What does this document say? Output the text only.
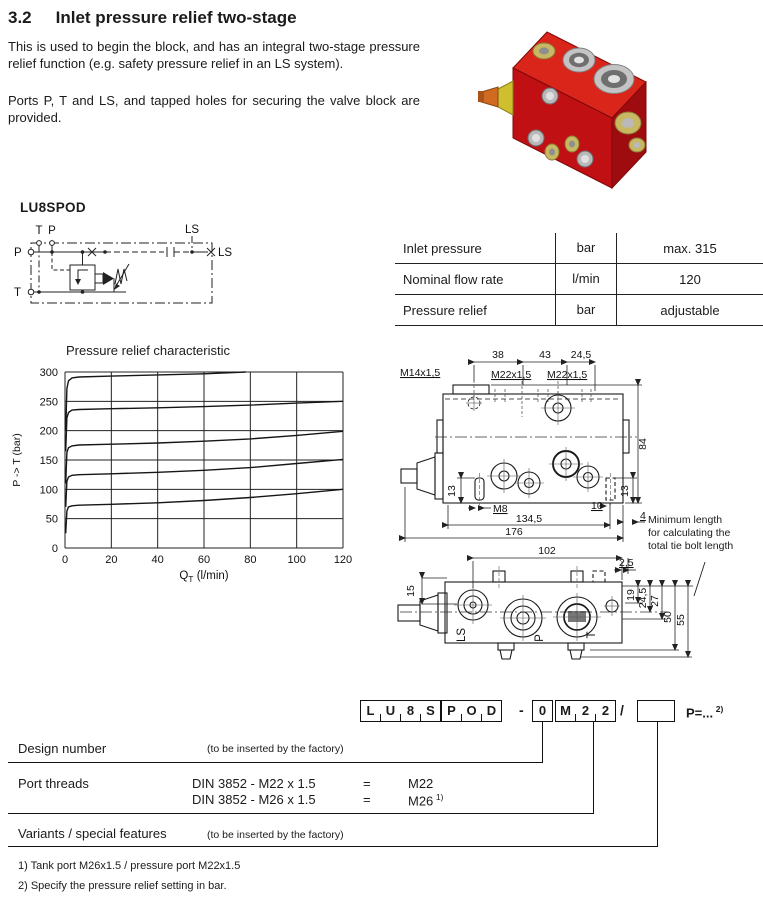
3.2 Inlet pressure relief two-stage
This is used to begin the block, and has an integral two-stage pressure relief function (e.g. safety pressure relief in an LS system).
Ports P, T and LS, and tapped holes for securing the valve block are provided.
LU8SPOD
P
T
T P	LS
LS	Inlet pressure	bar	max. 315
Nominal flow rate	l/min	120
Pressure relief	bar	adjustable
Pressure relief characteristic
0	20	40	60	80	100	120
0
50
100
150
200
250
300
P -> T (bar)
$Q_T$ (l/min)
38	43 24,5
M14x1,5	M22x1,5 M22x1,5
84
13	13
M8	10
134,5
176
4 Minimum length
for calculating the
total tie bolt length
102
2,5
15	19 24,5 27
50 55
LS	P	T
P=...  $^{2)}$
L U 8 S P O D	-	0	M 2 2 /
Design number	(to be inserted by the factory)
Port threads	DIN 3852 - M22 x 1.5	=	M22
DIN 3852 - M26 x 1.5	=	M26  $^{1)}$
Variants / special features	(to be inserted by the factory)
1) Tank port M26x1.5 / pressure port M22x1.5
2) Specify the pressure relief setting in bar.
